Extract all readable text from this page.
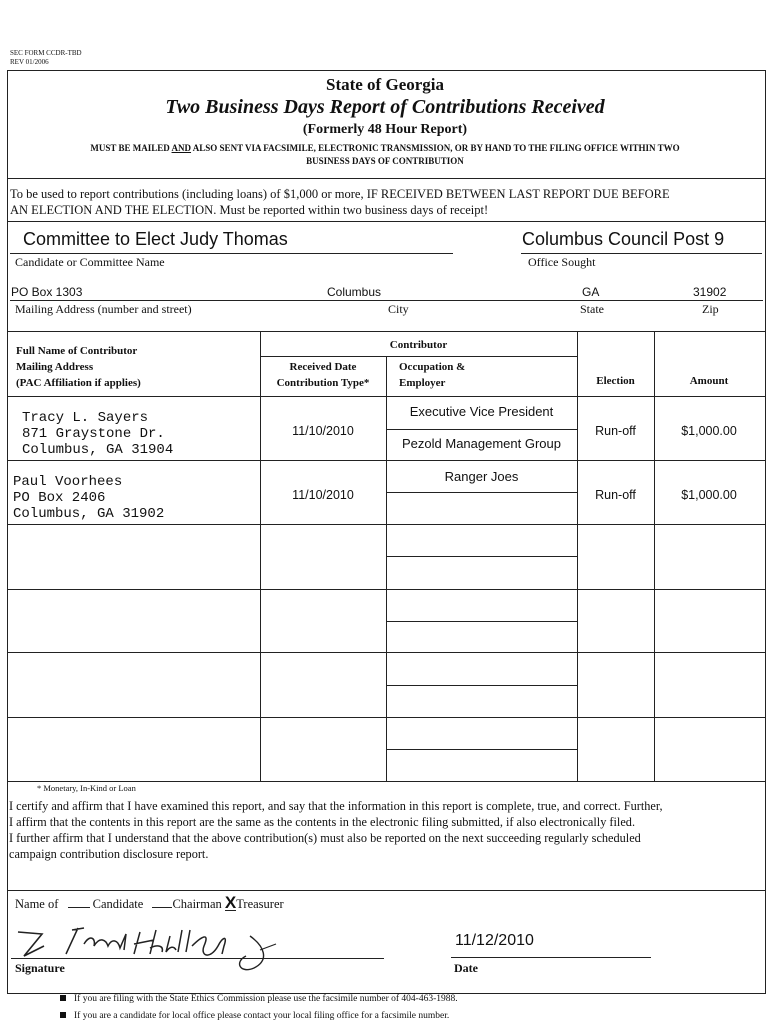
SEC FORM CCDR-TBD
REV 01/2006
State of Georgia
Two Business Days Report of Contributions Received
(Formerly 48 Hour Report)
MUST BE MAILED AND ALSO SENT VIA FACSIMILE, ELECTRONIC TRANSMISSION, OR BY HAND TO THE FILING OFFICE WITHIN TWO
BUSINESS DAYS OF CONTRIBUTION
To be used to report contributions (including loans) of $1,000 or more, IF RECEIVED BETWEEN LAST REPORT DUE BEFORE
AN ELECTION AND THE ELECTION. Must be reported within two business days of receipt!
Committee to Elect Judy Thomas
Candidate or Committee Name
Columbus Council Post 9
Office Sought
PO Box 1303	Columbus	GA	31902
Mailing Address (number and street)	City	State	Zip
Full Name of Contributor
Mailing Address
(PAC Affiliation if applies)
Contributor
Received Date
Contribution Type*
Occupation &
Employer	Election	Amount
Tracy L. Sayers
871 Graystone Dr.
Columbus, GA 31904
11/10/2010
Executive Vice President
Pezold Management Group
Run-off	$1,000.00
Paul Voorhees
PO Box 2406
Columbus, GA 31902
11/10/2010
Ranger Joes
Run-off	$1,000.00
* Monetary, In-Kind or Loan
I certify and affirm that I have examined this report, and say that the information in this report is complete, true, and correct. Further,
I affirm that the contents in this report are the same as the contents in the electronic filing submitted, if also electronically filed.
I further affirm that I understand that the above contribution(s) must also be reported on the next succeeding regularly scheduled
campaign contribution disclosure report.
Name of	Candidate Chairman XTreasurer
Signature
11/12/2010
Date
If you are filing with the State Ethics Commission please use the facsimile number of 404-463-1988.
If you are a candidate for local office please contact your local filing office for a facsimile number.
